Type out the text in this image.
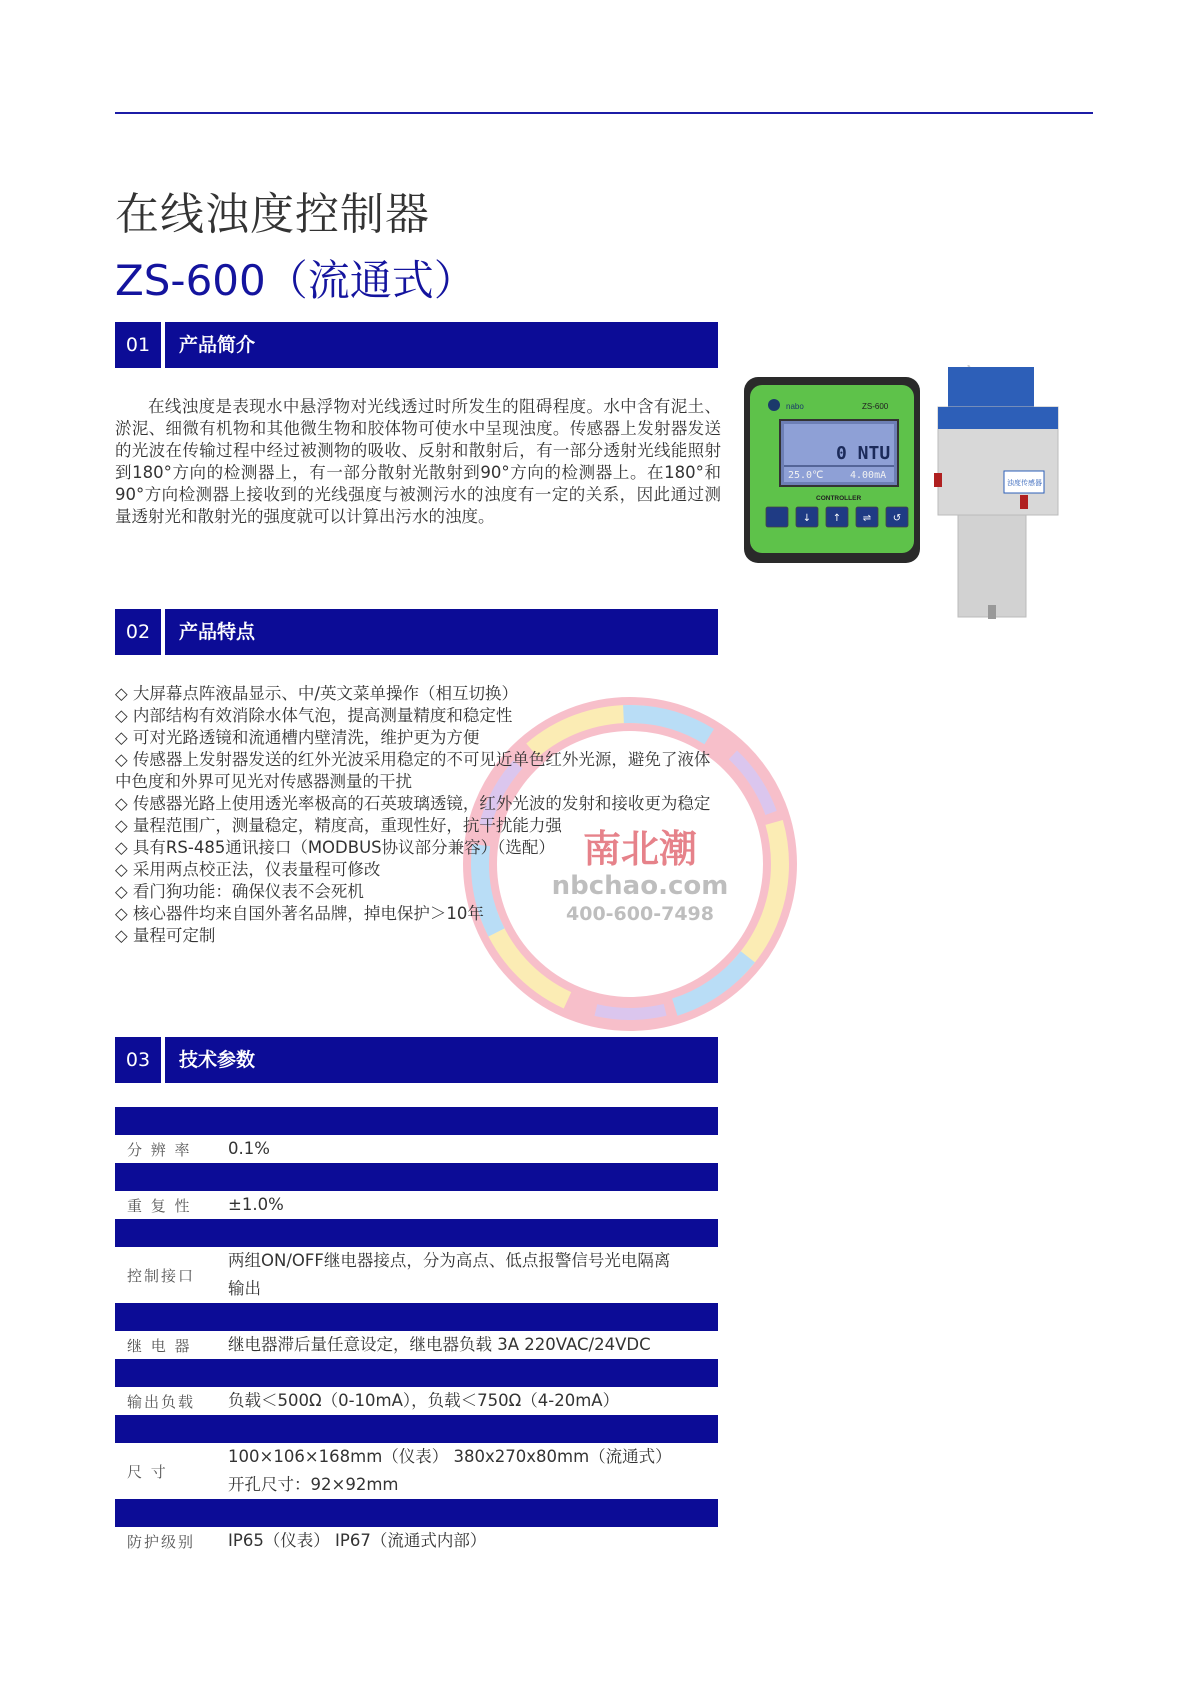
在线浊度控制器
ZS-600（流通式）
01	产品简介

在线浊度是表现水中悬浮物对光线透过时所发生的阻碍程度。水中含有泥土、淤泥、细微有机物和其他微生物和胶体物可使水中呈现浊度。传感器上发射器发送的光波在传输过程中经过被测物的吸收、反射和散射后，有一部分透射光线能照射到180°方向的检测器上，有一部分散射光散射到90°方向的检测器上。在180°和90°方向检测器上接收到的光线强度与被测污水的浊度有一定的关系，因此通过测量透射光和散射光的强度就可以计算出污水的浊度。

nabo	ZS-600
0 NTU
25.0℃	4.00mA
CONTROLLER
↓ ↑ ⇌ ↺
浊度传感器
02	产品特点
南北潮
nbchao.com
400-600-7498
◇ 大屏幕点阵液晶显示、中/英文菜单操作（相互切换）
◇ 内部结构有效消除水体气泡，提高测量精度和稳定性
◇ 可对光路透镜和流通槽内壁清洗，维护更为方便
◇ 传感器上发射器发送的红外光波采用稳定的不可见近单色红外光源，避免了液体中色度和外界可见光对传感器测量的干扰
◇ 传感器光路上使用透光率极高的石英玻璃透镜，红外光波的发射和接收更为稳定
◇ 量程范围广，测量稳定，精度高，重现性好，抗干扰能力强
◇ 具有RS-485通讯接口（MODBUS协议部分兼容）（选配）
◇ 采用两点校正法，仪表量程可修改
◇ 看门狗功能：确保仪表不会死机
◇ 核心器件均来自国外著名品牌，掉电保护＞10年
◇ 量程可定制
03	技术参数

分 辨 率	0.1%

重 复 性	±1.0%

控制接口	两组ON/OFF继电器接点，分为高点、低点报警信号光电隔离
输出

继 电 器	继电器滞后量任意设定，继电器负载 3A 220VAC/24VDC

输出负载	负载＜500Ω（0-10mA），负载＜750Ω（4-20mA）

尺 寸	100×106×168mm（仪表） 380x270x80mm（流通式）
开孔尺寸：92×92mm

防护级别	IP65（仪表） IP67（流通式内部）
